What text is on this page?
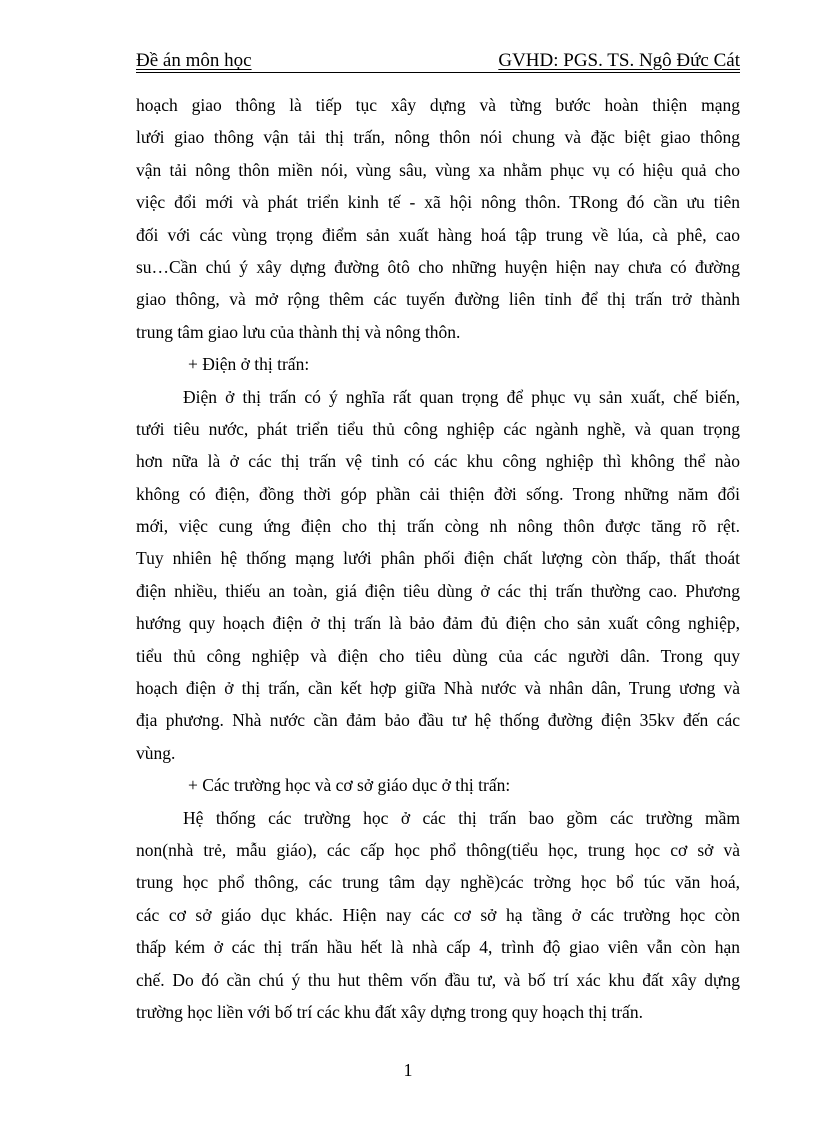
Đề án môn học	GVHD: PGS. TS. Ngô Đức Cát
hoạch giao thông là tiếp tục xây dựng và từng bước hoàn thiện mạng
lưới giao thông vận tải thị trấn, nông thôn nói chung và đặc biệt giao thông
vận tải nông thôn miền nói, vùng sâu, vùng xa nhằm phục vụ có hiệu quả cho
việc đổi mới và phát triển kinh tế - xã hội nông thôn. TRong đó cần ưu tiên
đối với các vùng trọng điểm sản xuất hàng hoá tập trung về lúa, cà phê, cao
su…Cần chú ý xây dựng đường ôtô cho những huyện hiện nay chưa có đường
giao thông, và mở rộng thêm các tuyến đường liên tỉnh để thị trấn trở thành
trung tâm giao lưu của thành thị và nông thôn.
+ Điện ở thị trấn:
Điện ở thị trấn có ý nghĩa rất quan trọng để phục vụ sản xuất, chế biến,
tưới tiêu nước, phát triển tiểu thủ công nghiệp các ngành nghề, và quan trọng
hơn nữa là ở các thị trấn vệ tinh có các khu công nghiệp thì không thể nào
không có điện, đồng thời góp phần cải thiện đời sống. Trong những năm đổi
mới, việc cung ứng điện cho thị trấn còng nh nông thôn được tăng rõ rệt.
Tuy nhiên hệ thống mạng lưới phân phối điện chất lượng còn thấp, thất thoát
điện nhiều, thiếu an toàn, giá điện tiêu dùng ở các thị trấn thường cao. Phương
hướng quy hoạch điện ở thị trấn là bảo đảm đủ điện cho sản xuất công nghiệp,
tiểu thủ công nghiệp và điện cho tiêu dùng của các người dân. Trong quy
hoạch điện ở thị trấn, cần kết hợp giữa Nhà nước và nhân dân, Trung ương và
địa phương. Nhà nước cần đảm bảo đầu tư hệ thống đường điện 35kv đến các
vùng.
+ Các trường học và cơ sở giáo dục ở thị trấn:
Hệ thống các trường học ở các thị trấn bao gồm các trường mầm
non(nhà trẻ, mẫu giáo), các cấp học phổ thông(tiểu học, trung học cơ sở và
trung học phổ thông, các trung tâm dạy nghề)các trờng học bổ túc văn hoá,
các cơ sở giáo dục khác. Hiện nay các cơ sở hạ tầng ở các trường học còn
thấp kém ở các thị trấn hầu hết là nhà cấp 4, trình độ giao viên vẫn còn hạn
chế. Do đó cần chú ý thu hut thêm vốn đầu tư, và bố trí xác khu đất xây dựng
trường học liền với bố trí các khu đất xây dựng trong quy hoạch thị trấn.
1
